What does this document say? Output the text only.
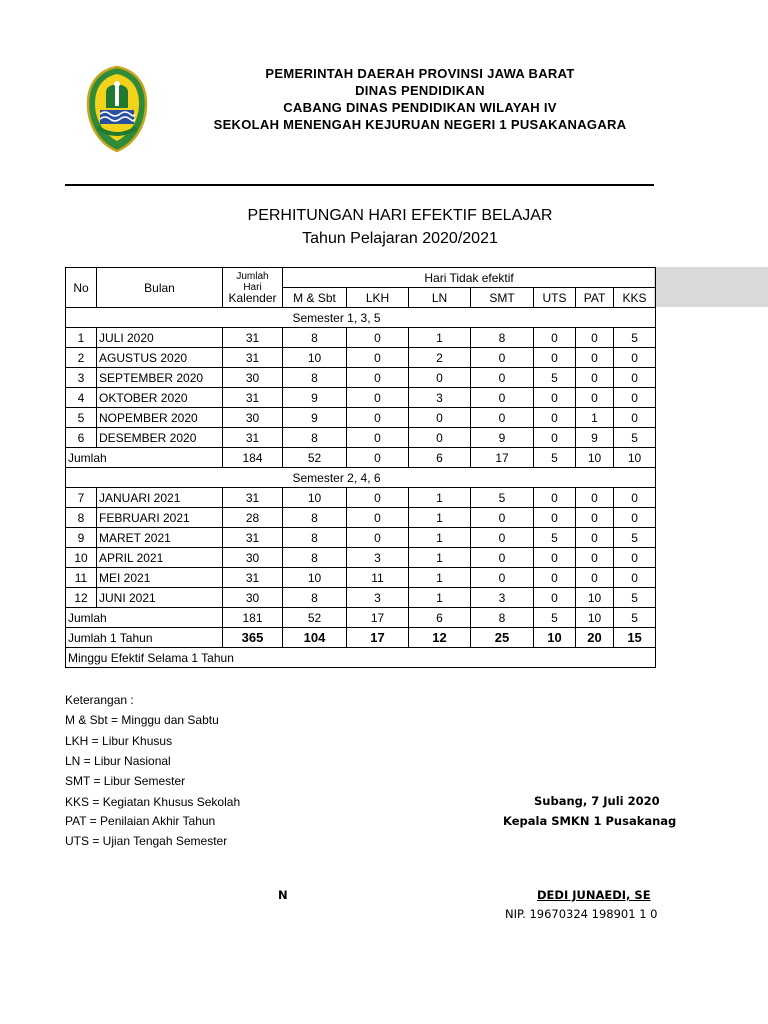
PEMERINTAH DAERAH PROVINSI JAWA BARAT
DINAS PENDIDIKAN
CABANG DINAS PENDIDIKAN WILAYAH IV
SEKOLAH MENENGAH KEJURUAN NEGERI 1 PUSAKANAGARA
PERHITUNGAN HARI EFEKTIF BELAJAR
Tahun Pelajaran 2020/2021
No	Bulan	Jumlah
Hari
Kalender	Hari Tidak efektif						
			M & Sbt	LKH	LN	SMT	UTS	PAT	KKS
			Semester 1, 3, 5						
1	JULI 2020	31	8	0	1	8	0	0	5
2	AGUSTUS 2020	31	10	0	2	0	0	0	0
3	SEPTEMBER 2020	30	8	0	0	0	5	0	0
4	OKTOBER 2020	31	9	0	3	0	0	0	0
5	NOPEMBER 2020	30	9	0	0	0	0	1	0
6	DESEMBER 2020	31	8	0	0	9	0	9	5
Jumlah		184	52	0	6	17	5	10	10
			Semester 2, 4, 6						
7	JANUARI 2021	31	10	0	1	5	0	0	0
8	FEBRUARI 2021	28	8	0	1	0	0	0	0
9	MARET 2021	31	8	0	1	0	5	0	5
10	APRIL 2021	30	8	3	1	0	0	0	0
11	MEI 2021	31	10	11	1	0	0	0	0
12	JUNI 2021	30	8	3	1	3	0	10	5
Jumlah		181	52	17	6	8	5	10	5
Jumlah 1 Tahun		365	104	17	12	25	10	20	15
Minggu Efektif Selama 1 Tahun									
Keterangan :
M & Sbt = Minggu dan Sabtu
LKH = Libur Khusus
LN = Libur Nasional
SMT = Libur Semester
KKS = Kegiatan Khusus Sekolah
PAT = Penilaian Akhir Tahun
UTS = Ujian Tengah Semester
Subang, 7 Juli 2020
Kepala SMKN 1 Pusakanag
N	DEDI JUNAEDI, SE
NIP. 19670324 198901 1 0
